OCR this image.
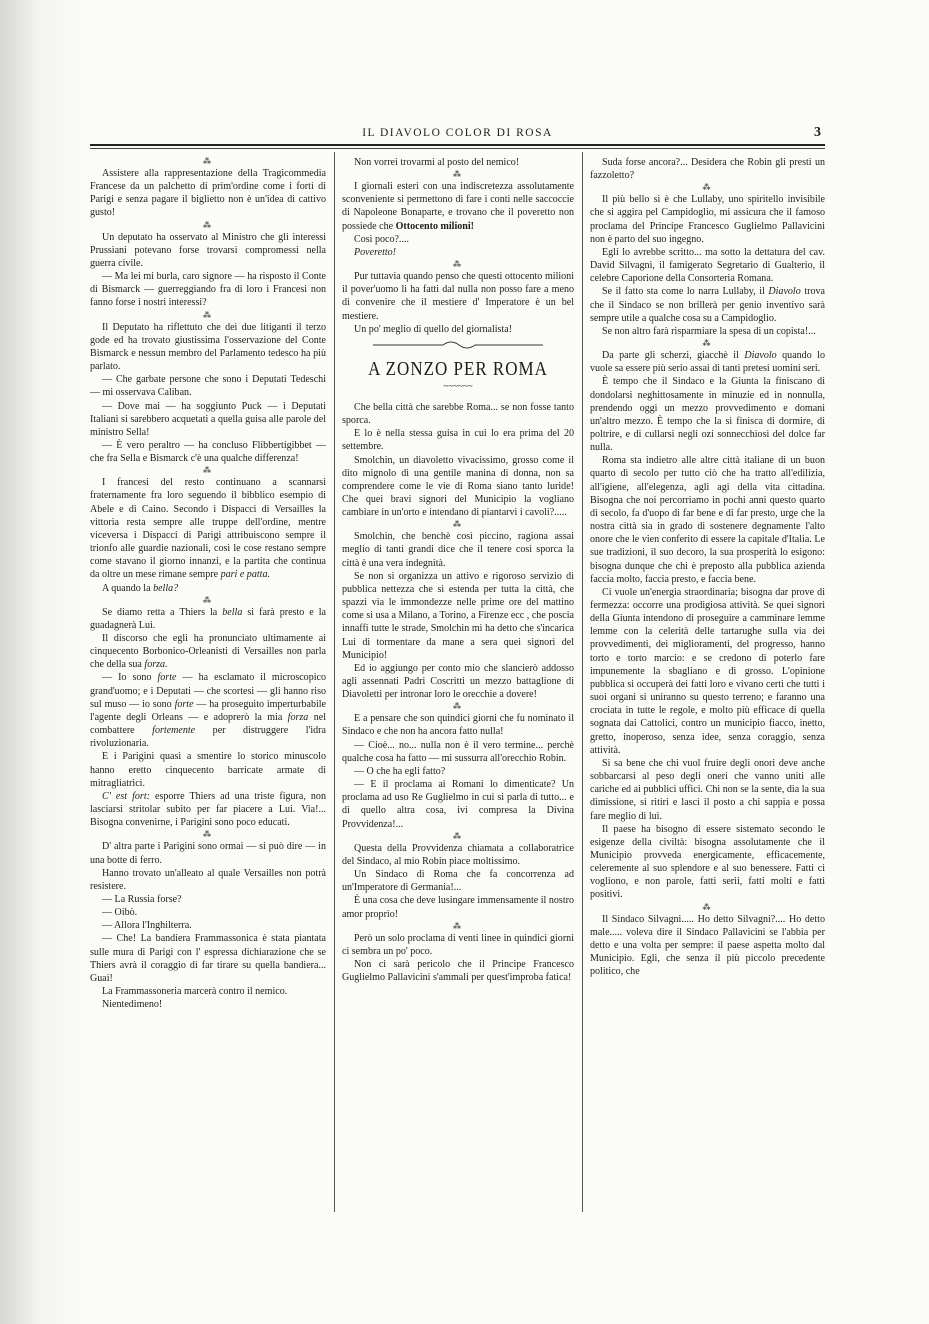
IL DIAVOLO COLOR DI ROSA	3
⁂

Assistere alla rappresentazione della Tragicommedia Francese da un palchetto di prim'ordine come i forti di Parigi e senza pagare il biglietto non è un'idea di cattivo gusto!

⁂

Un deputato ha osservato al Ministro che gli interessi Prussiani potevano forse trovarsi compromessi nella guerra civile.

— Ma lei mi burla, caro signore — ha risposto il Conte di Bismarck — guerreggiando fra di loro i Francesi non fanno forse i nostri interessi?

⁂

Il Deputato ha riflettuto che dei due litiganti il terzo gode ed ha trovato giustissima l'osservazione del Conte Bismarck e nessun membro del Parlamento tedesco ha più parlato.

— Che garbate persone che sono i Deputati Tedeschi — mi osservava Caliban.

— Dove mai — ha soggiunto Puck — i Deputati Italiani si sarebbero acquetati a quella guisa alle parole del ministro Sella!

— È vero peraltro — ha concluso Flibbertigibbet — che fra Sella e Bismarck c'è una qualche differenza!

⁂

I francesi del resto continuano a scannarsi fraternamente fra loro seguendo il bibblico esempio di Abele e di Caino. Secondo i Dispacci di Versailles la vittoria resta sempre alle truppe dell'ordine, mentre viceversa i Dispacci di Parigi attribuiscono sempre il trionfo alle guardie nazionali, così le cose restano sempre come stavano il giorno innanzi, e la partita che continua da oltre un mese rimane sempre pari e patta.

A quando la bella?

⁂

Se diamo retta a Thiers la bella si farà presto e la guadagnerà Lui.

Il discorso che egli ha pronunciato ultimamente ai cinquecento Borbonico-Orleanisti di Versailles non parla che della sua forza.

— Io sono forte — ha esclamato il microscopico grand'uomo; e i Deputati — che scortesi — gli hanno riso sul muso — io sono forte — ha proseguito imperturbabile l'agente degli Orleans — e adoprerò la mia forza nel combattere fortemente per distruggere l'idra rivoluzionaria.

E i Parigini quasi a smentire lo storico minuscolo hanno eretto cinquecento barricate armate di mitragliatrici.

C' est fort: esporre Thiers ad una triste figura, non lasciarsi stritolar subito per far piacere a Lui. Via!... Bisogna convenirne, i Parigini sono poco educati.

⁂

D' altra parte i Parigini sono ormai — si può dire — in una botte di ferro.

Hanno trovato un'alleato al quale Versailles non potrà resistere.

— La Russia forse?

— Oibò.

— Allora l'Inghilterra.

— Che! La bandiera Frammassonica è stata piantata sulle mura di Parigi con l' espressa dichiarazione che se Thiers avrà il coraggio di far tirare su quella bandiera... Guai!

La Frammassoneria marcerà contro il nemico.

Nientedimeno!

Non vorrei trovarmi al posto del nemico!

⁂

I giornali esteri con una indiscretezza assolutamente sconveniente si permettono di fare i conti nelle saccoccie di Napoleone Bonaparte, e trovano che il poveretto non possiede che Ottocento milioni!

Così poco?....

Poveretto!

⁂

Pur tuttavia quando penso che questi ottocento milioni il pover'uomo li ha fatti dal nulla non posso fare a meno di convenire che il mestiere d' Imperatore è un bel mestiere.

Un po' meglio di quello del giornalista!

A ZONZO PER ROMA
~~~~~~

Che bella città che sarebbe Roma... se non fosse tanto sporca.

E lo è nella stessa guisa in cui lo era prima del 20 settembre.

Smolchin, un diavoletto vivacissimo, grosso come il dito mignolo di una gentile manina di donna, non sa comprendere come le vie di Roma siano tanto luride! Che quei bravi signori del Municipio la vogliano cambiare in un'orto e intendano di piantarvi i cavoli?.....

⁂

Smolchin, che benchè così piccino, ragiona assai meglio di tanti grandi dice che il tenere così sporca la città è una vera indegnità.

Se non si organizza un attivo e rigoroso servizio di pubblica nettezza che si estenda per tutta la città, che spazzi via le immondezze nelle prime ore del mattino come si usa a Milano, a Torino, a Firenze ecc , che poscia innaffi tutte le strade, Smolchin mi ha detto che s'incarica Lui di tormentare da mane a sera quei signori del Municipio!

Ed io aggiungo per conto mio che slancierò addosso agli assennati Padri Coscritti un mezzo battaglione di Diavoletti per intronar loro le orecchie a dovere!

⁂

E a pensare che son quindici giorni che fu nominato il Sindaco e che non ha ancora fatto nulla!

— Cioè... no... nulla non è il vero termine... perchè qualche cosa ha fatto — mi sussurra all'orecchio Robin.

— O che ha egli fatto?

— E il proclama ai Romani lo dimenticate? Un proclama ad uso Re Guglielmo in cui si parla di tutto... e di quello altra cosa, ivi compresa la Divina Provvidenza!...

⁂

Questa della Provvidenza chiamata a collaboratrice del Sindaco, al mio Robin piace moltissimo.

Un Sindaco di Roma che fa concorrenza ad un'Imperatore di Germania!...

È una cosa che deve lusingare immensamente il nostro amor proprio!

⁂

Però un solo proclama di venti linee in quindici giorni ci sembra un po' poco.

Non ci sarà pericolo che il Principe Francesco Guglielmo Pallavicini s'ammali per quest'improba fatica!

Suda forse ancora?... Desidera che Robin gli presti un fazzoletto?

⁂

Il più bello si è che Lullaby, uno spiritello invisibile che si aggira pel Campidoglio, mi assicura che il famoso proclama del Principe Francesco Guglielmo Pallavicini non è parto del suo ingegno.

Egli lo avrebbe scritto... ma sotto la dettatura del cav. David Silvagni, il famigerato Segretario di Gualterio, il celebre Caporione della Consorteria Romana.

Se il fatto sta come lo narra Lullaby, il Diavolo trova che il Sindaco se non brillerà per genio inventivo sarà sempre utile a qualche cosa su a Campidoglio.

Se non altro farà risparmiare la spesa di un copista!...

⁂

Da parte gli scherzi, giacchè il Diavolo quando lo vuole sa essere più serio assai di tanti pretesi uomini seri.

È tempo che il Sindaco e la Giunta la finiscano di dondolarsi neghittosamente in minuzie ed in nonnulla, prendendo oggi un mezzo provvedimento e domani un'altro mezzo. È tempo che la si finisca di dormire, di poltrire, e di cullarsi negli ozi sonnecchiosi del dolce far nulla.

Roma sta indietro alle altre città italiane di un buon quarto di secolo per tutto ciò che ha tratto all'edilizia, all'igiene, all'elegenza, agli agi della vita cittadina. Bisogna che noi percorriamo in pochi anni questo quarto di secolo, fa d'uopo di far bene e di far presto, urge che la nostra città sia in grado di sostenere degnamente l'alto onore che le vien conferito di essere la capitale d'Italia. Le sue tradizioni, il suo decoro, la sua prosperità lo esigono: bisogna dunque che chi è preposto alla pubblica azienda faccia molto, faccia presto, e faccia bene.

Ci vuole un'energia straordinaria; bisogna dar prove di fermezza: occorre una prodigiosa attività. Se quei signori della Giunta intendono di proseguire a camminare lemme lemme con la celerità delle tartarughe sulla via dei provvedimenti, dei miglioramenti, del progresso, hanno torto e torto marcio: e se credono di poterlo fare impunemente la sbagliano e di grosso. L'opinione pubblica si occuperà dei fatti loro e vivano certi che tutti i suoi organi si uniranno su questo terreno; e faranno una crociata in tutte le regole, e molto più efficace di quella sognata dai Cattolici, contro un municipio fiacco, inetto, gretto, inoperoso, senza idee, senza coraggio, senza attività.

Si sa bene che chi vuol fruire degli onori deve anche sobbarcarsi al peso degli oneri che vanno uniti alle cariche ed ai pubblici uffici. Chi non se la sente, dia la sua dimissione, si ritiri e lasci il posto a chi sappia e possa fare meglio di lui.

Il paese ha bisogno di essere sistemato secondo le esigenze della civiltà: bisogna assolutamente che il Municipio provveda energicamente, efficacemente, celeremente al suo splendore e al suo benessere. Fatti ci vogliono, e non parole, fatti serii, fatti molti e fatti positivi.

⁂

Il Sindaco Silvagni..... Ho detto Silvagni?.... Ho detto male..... voleva dire il Sindaco Pallavicini se l'abbia per detto e una volta per sempre: il paese aspetta molto dal Municipio. Egli, che senza il più piccolo precedente politico, che
